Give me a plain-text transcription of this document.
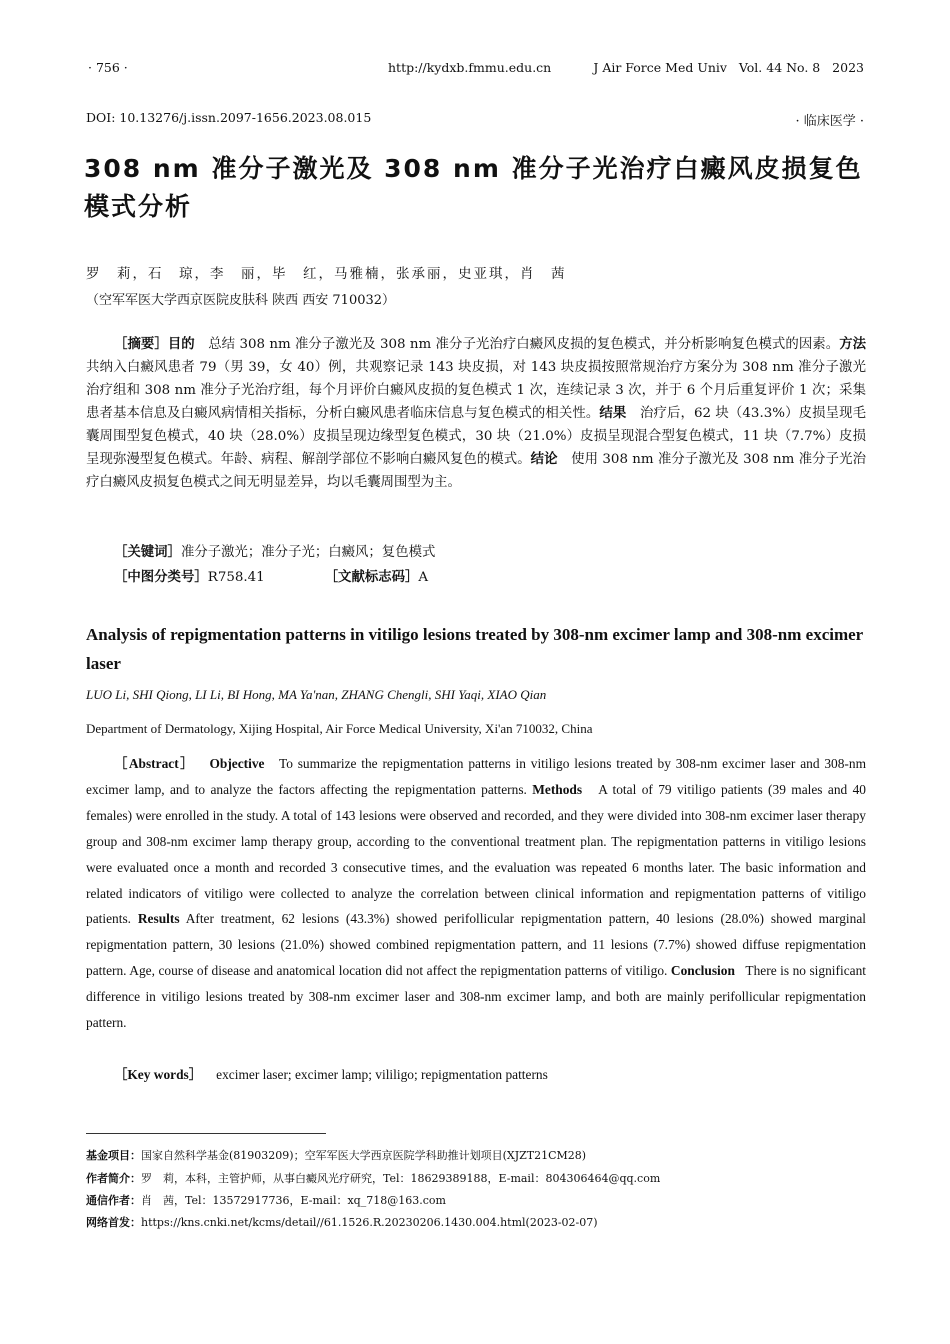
· 756 ·	http://kydxb.fmmu.edu.cn	J Air Force Med Univ   Vol. 44 No. 8   2023
DOI: 10.13276/j.issn.2097-1656.2023.08.015	· 临床医学 ·
308 nm 准分子激光及 308 nm 准分子光治疗白癜风皮损复色模式分析
罗　莉，石　琼，李　丽，毕　红，马雅楠，张承丽，史亚琪，肖　茜
（空军军医大学西京医院皮肤科 陕西 西安 710032）
［摘要］目的　 总结 308 nm 准分子激光及 308 nm 准分子光治疗白癜风皮损的复色模式，并分析影响复色模式的因素。方法　共纳入白癜风患者 79（男 39，女 40）例，共观察记录 143 块皮损，对 143 块皮损按照常规治疗方案分为 308 nm 准分子激光治疗组和 308 nm 准分子光治疗组，每个月评价白癜风皮损的复色模式 1 次，连续记录 3 次，并于 6 个月后重复评价 1 次；采集患者基本信息及白癜风病情相关指标，分析白癜风患者临床信息与复色模式的相关性。结果　 治疗后，62 块（43.3%）皮损呈现毛囊周围型复色模式，40 块（28.0%）皮损呈现边缘型复色模式，30 块（21.0%）皮损呈现混合型复色模式，11 块（7.7%）皮损呈现弥漫型复色模式。年龄、病程、解剖学部位不影响白癜风复色的模式。结论　 使用 308 nm 准分子激光及 308 nm 准分子光治疗白癜风皮损复色模式之间无明显差异，均以毛囊周围型为主。
［关键词］准分子激光；准分子光；白癜风；复色模式
［中图分类号］R758.41	［文献标志码］A
Analysis of repigmentation patterns in vitiligo lesions treated by 308-nm excimer lamp and 308-nm excimer laser
LUO Li, SHI Qiong, LI Li, BI Hong, MA Ya'nan, ZHANG Chengli, SHI Yaqi, XIAO Qian
Department of Dermatology, Xijing Hospital, Air Force Medical University, Xi'an 710032, China
［Abstract］ Objective To summarize the repigmentation patterns in vitiligo lesions treated by 308-nm excimer laser and 308-nm excimer lamp, and to analyze the factors affecting the repigmentation patterns. Methods A total of 79 vitiligo patients (39 males and 40 females) were enrolled in the study. A total of 143 lesions were observed and recorded, and they were divided into 308-nm excimer laser therapy group and 308-nm excimer lamp therapy group, according to the conventional treatment plan. The repigmentation patterns in vitiligo lesions were evaluated once a month and recorded 3 consecutive times, and the evaluation was repeated 6 months later. The basic information and related indicators of vitiligo were collected to analyze the correlation between clinical information and repigmentation patterns of vitiligo patients. Results After treatment, 62 lesions (43.3%) showed perifollicular repigmentation pattern, 40 lesions (28.0%) showed marginal repigmentation pattern, 30 lesions (21.0%) showed combined repigmentation pattern, and 11 lesions (7.7%) showed diffuse repigmentation pattern. Age, course of disease and anatomical location did not affect the repigmentation patterns of vitiligo. Conclusion There is no significant difference in vitiligo lesions treated by 308-nm excimer laser and 308-nm excimer lamp, and both are mainly perifollicular repigmentation pattern.
［Key words］ excimer laser; excimer lamp; vililigo; repigmentation patterns
基金项目：国家自然科学基金(81903209)；空军军医大学西京医院学科助推计划项目(XJZT21CM28)
作者简介：罗　莉，本科，主管护师，从事白癜风光疗研究，Tel：18629389188，E-mail：804306464@qq.com
通信作者：肖　茜，Tel：13572917736，E-mail：xq_718@163.com
网络首发：https://kns.cnki.net/kcms/detail//61.1526.R.20230206.1430.004.html(2023-02-07)
